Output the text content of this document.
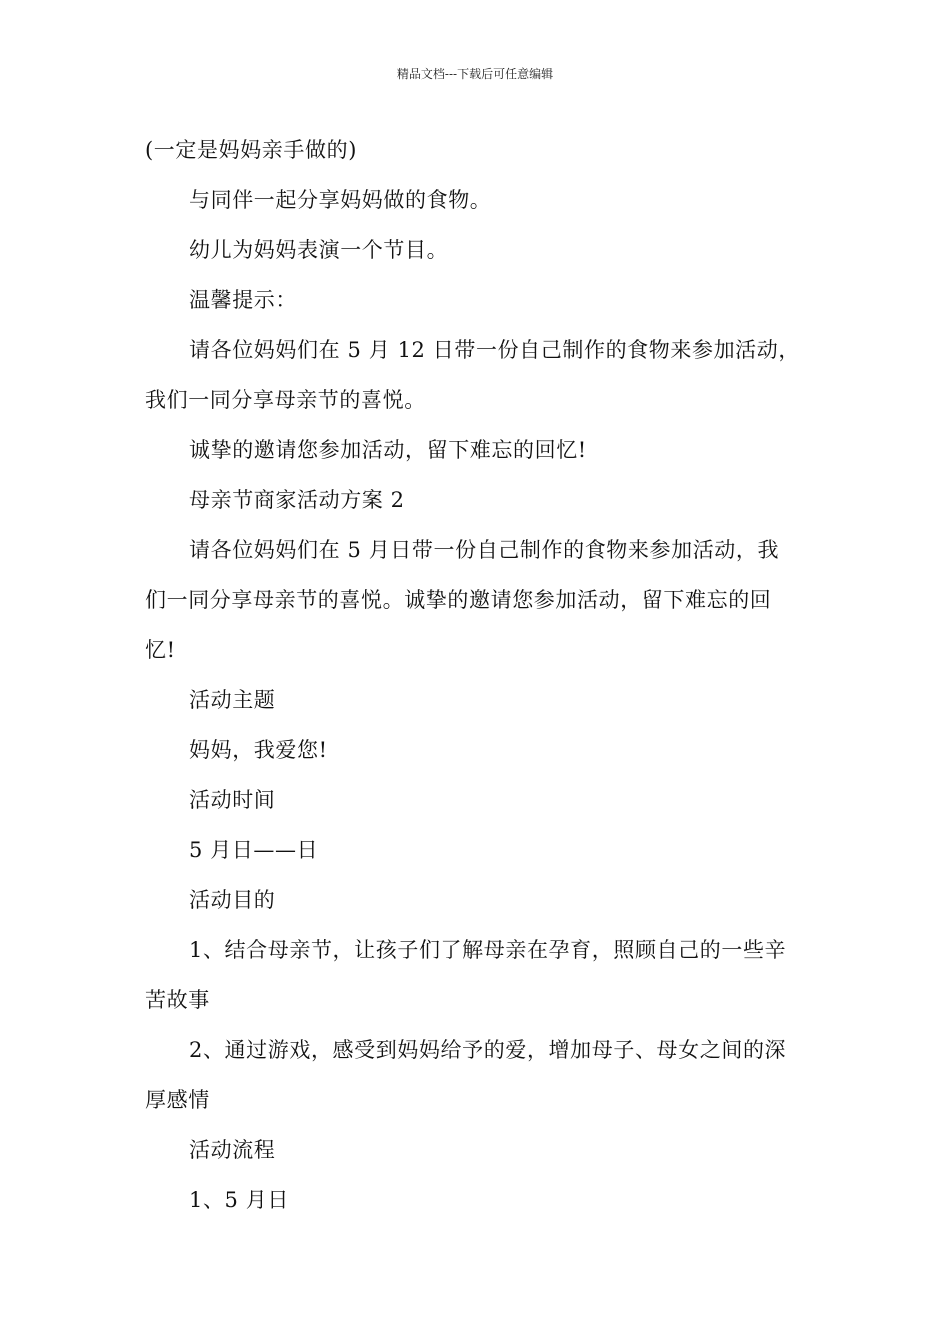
精品文档---下载后可任意编辑
(一定是妈妈亲手做的)
与同伴一起分享妈妈做的食物。
幼儿为妈妈表演一个节目。
温馨提示：
请各位妈妈们在 5 月 12 日带一份自己制作的食物来参加活动，
我们一同分享母亲节的喜悦。
诚挚的邀请您参加活动，留下难忘的回忆!
母亲节商家活动方案 2
请各位妈妈们在 5 月日带一份自己制作的食物来参加活动，我
们一同分享母亲节的喜悦。诚挚的邀请您参加活动，留下难忘的回
忆!
活动主题
妈妈，我爱您!
活动时间
5 月日——日
活动目的
1、结合母亲节，让孩子们了解母亲在孕育，照顾自己的一些辛
苦故事
2、通过游戏，感受到妈妈给予的爱，增加母子、母女之间的深
厚感情
活动流程
1、5 月日
